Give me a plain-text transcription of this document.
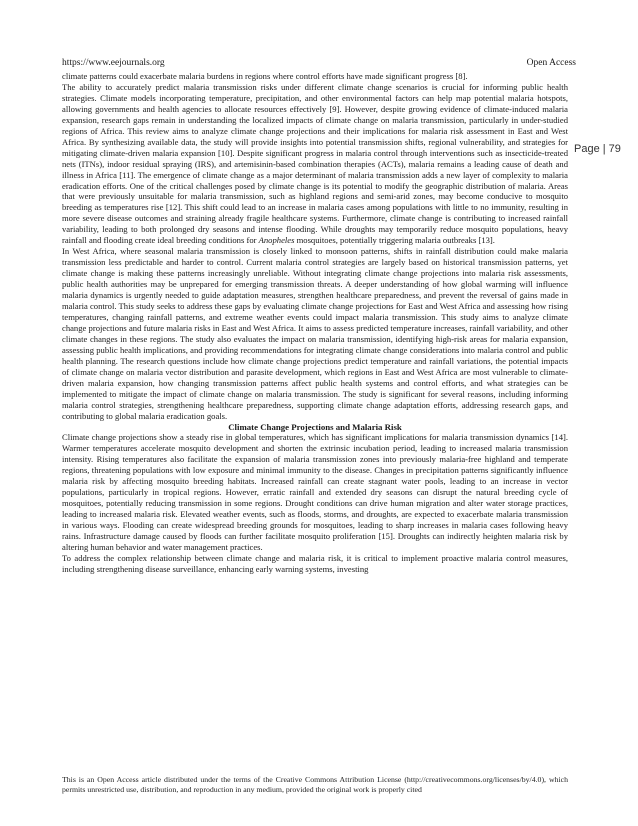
https://www.eejournals.org	Open Access
Page | 79

climate patterns could exacerbate malaria burdens in regions where control efforts have made significant progress [8].

The ability to accurately predict malaria transmission risks under different climate change scenarios is crucial for informing public health strategies. Climate models incorporating temperature, precipitation, and other environmental factors can help map potential malaria hotspots, allowing governments and health agencies to allocate resources effectively [9]. However, despite growing evidence of climate-induced malaria expansion, research gaps remain in understanding the localized impacts of climate change on malaria transmission, particularly in under-studied regions of Africa. This review aims to analyze climate change projections and their implications for malaria risk assessment in East and West Africa. By synthesizing available data, the study will provide insights into potential transmission shifts, regional vulnerability, and strategies for mitigating climate-driven malaria expansion [10]. Despite significant progress in malaria control through interventions such as insecticide-treated nets (ITNs), indoor residual spraying (IRS), and artemisinin-based combination therapies (ACTs), malaria remains a leading cause of death and illness in Africa [11]. The emergence of climate change as a major determinant of malaria transmission adds a new layer of complexity to malaria eradication efforts. One of the critical challenges posed by climate change is its potential to modify the geographic distribution of malaria. Areas that were previously unsuitable for malaria transmission, such as highland regions and semi-arid zones, may become conducive to mosquito breeding as temperatures rise [12]. This shift could lead to an increase in malaria cases among populations with little to no immunity, resulting in more severe disease outcomes and straining already fragile healthcare systems. Furthermore, climate change is contributing to increased rainfall variability, leading to both prolonged dry seasons and intense flooding. While droughts may temporarily reduce mosquito populations, heavy rainfall and flooding create ideal breeding conditions for Anopheles mosquitoes, potentially triggering malaria outbreaks [13].

In West Africa, where seasonal malaria transmission is closely linked to monsoon patterns, shifts in rainfall distribution could make malaria transmission less predictable and harder to control. Current malaria control strategies are largely based on historical transmission patterns, yet climate change is making these patterns increasingly unreliable. Without integrating climate change projections into malaria risk assessments, public health authorities may be unprepared for emerging transmission threats. A deeper understanding of how global warming will influence malaria dynamics is urgently needed to guide adaptation measures, strengthen healthcare preparedness, and prevent the reversal of gains made in malaria control. This study seeks to address these gaps by evaluating climate change projections for East and West Africa and assessing how rising temperatures, changing rainfall patterns, and extreme weather events could impact malaria transmission. This study aims to analyze climate change projections and future malaria risks in East and West Africa. It aims to assess predicted temperature increases, rainfall variability, and other climate changes in these regions. The study also evaluates the impact on malaria transmission, identifying high-risk areas for malaria expansion, assessing public health implications, and providing recommendations for integrating climate change considerations into malaria control and public health planning. The research questions include how climate change projections predict temperature and rainfall variations, the potential impacts of climate change on malaria vector distribution and parasite development, which regions in East and West Africa are most vulnerable to climate-driven malaria expansion, how changing transmission patterns affect public health systems and control efforts, and what strategies can be implemented to mitigate the impact of climate change on malaria transmission. The study is significant for several reasons, including informing malaria control strategies, strengthening healthcare preparedness, supporting climate change adaptation efforts, addressing research gaps, and contributing to global malaria eradication goals.

Climate Change Projections and Malaria Risk

Climate change projections show a steady rise in global temperatures, which has significant implications for malaria transmission dynamics [14]. Warmer temperatures accelerate mosquito development and shorten the extrinsic incubation period, leading to increased malaria transmission intensity. Rising temperatures also facilitate the expansion of malaria transmission zones into previously malaria-free highland and temperate regions, threatening populations with low exposure and minimal immunity to the disease. Changes in precipitation patterns significantly influence malaria risk by affecting mosquito breeding habitats. Increased rainfall can create stagnant water pools, leading to an increase in vector populations, particularly in tropical regions. However, erratic rainfall and extended dry seasons can disrupt the natural breeding cycle of mosquitoes, potentially reducing transmission in some regions. Drought conditions can drive human migration and alter water storage practices, leading to increased malaria risk. Elevated weather events, such as floods, storms, and droughts, are expected to exacerbate malaria transmission in various ways. Flooding can create widespread breeding grounds for mosquitoes, leading to sharp increases in malaria cases following heavy rains. Infrastructure damage caused by floods can further facilitate mosquito proliferation [15]. Droughts can indirectly heighten malaria risk by altering human behavior and water management practices.

To address the complex relationship between climate change and malaria risk, it is critical to implement proactive malaria control measures, including strengthening disease surveillance, enhancing early warning systems, investing

This is an Open Access article distributed under the terms of the Creative Commons Attribution License (http://creativecommons.org/licenses/by/4.0), which permits unrestricted use, distribution, and reproduction in any medium, provided the original work is properly cited
